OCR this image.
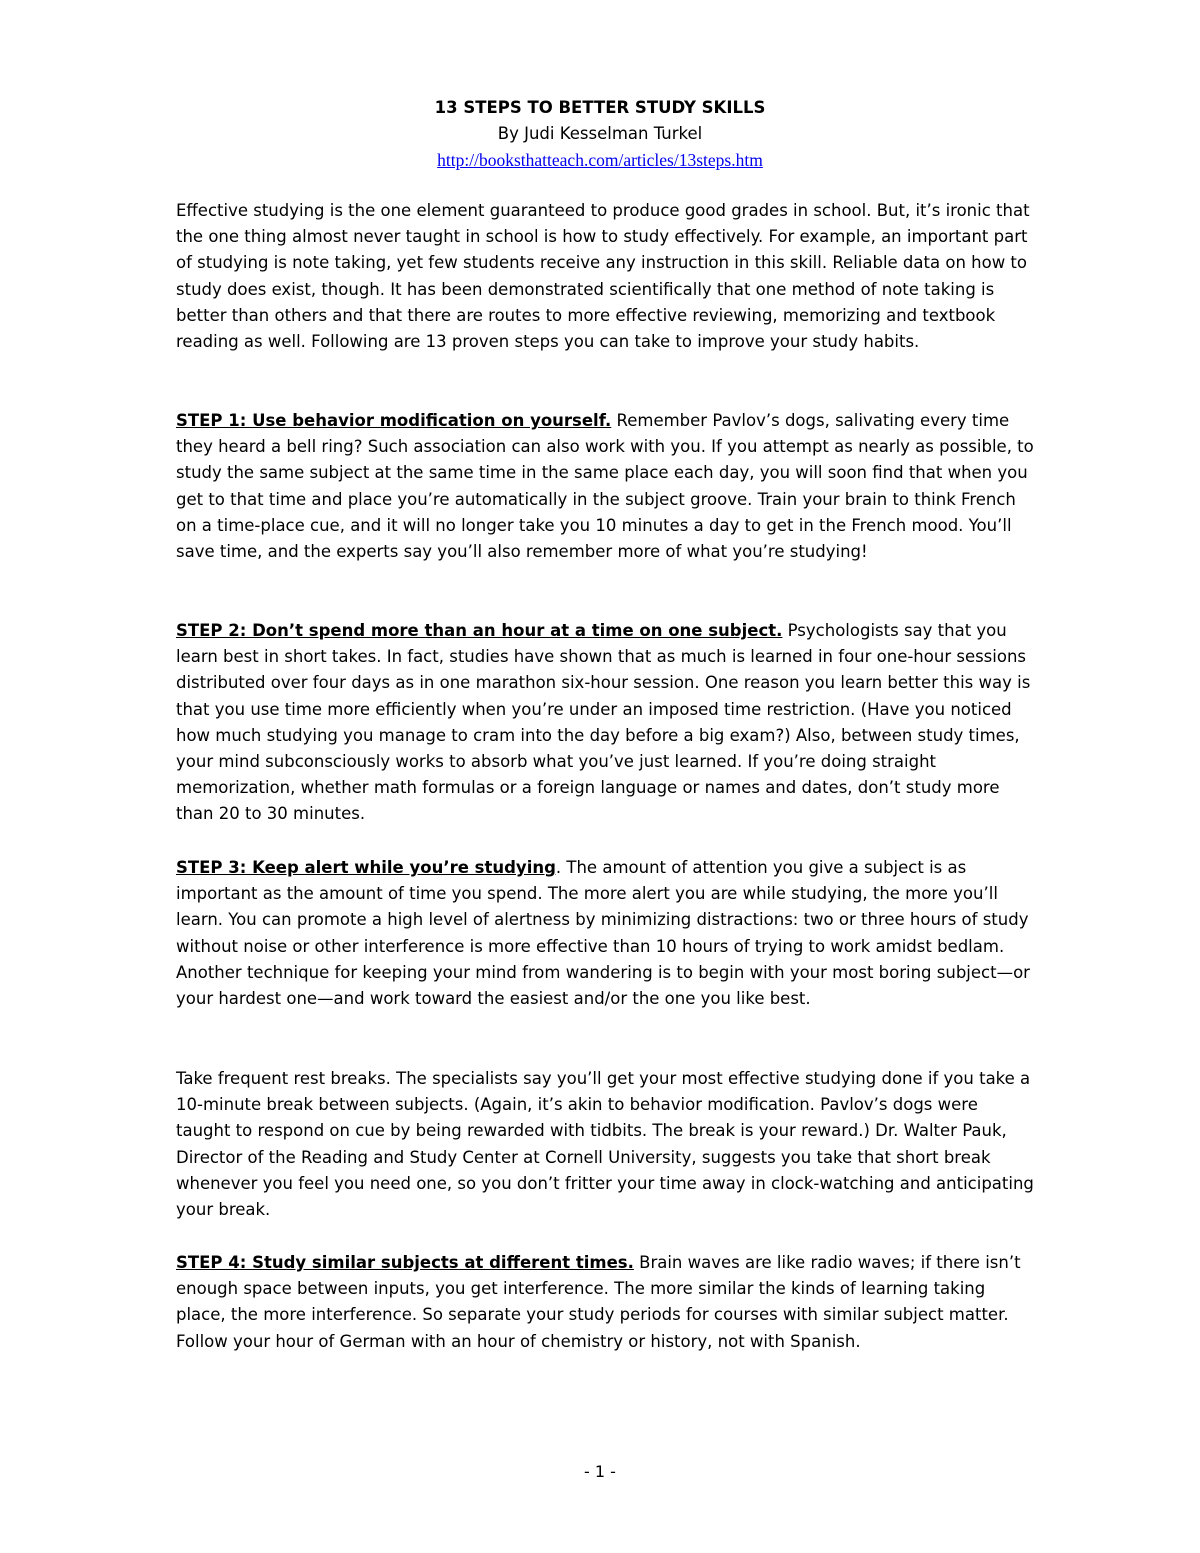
13 STEPS TO BETTER STUDY SKILLS
By Judi Kesselman Turkel
http://booksthatteach.com/articles/13steps.htm

Effective studying is the one element guaranteed to produce good grades in school. But, it’s ironic that the one thing almost never taught in school is how to study effectively. For example, an important part of studying is note taking, yet few students receive any instruction in this skill. Reliable data on how to study does exist, though. It has been demonstrated scientifically that one method of note taking is better than others and that there are routes to more effective reviewing, memorizing and textbook reading as well. Following are 13 proven steps you can take to improve your study habits.

STEP 1: Use behavior modification on yourself. Remember Pavlov’s dogs, salivating every time they heard a bell ring? Such association can also work with you. If you attempt as nearly as possible, to study the same subject at the same time in the same place each day, you will soon find that when you get to that time and place you’re automatically in the subject groove. Train your brain to think French on a time-place cue, and it will no longer take you 10 minutes a day to get in the French mood. You’ll save time, and the experts say you’ll also remember more of what you’re studying!

STEP 2: Don’t spend more than an hour at a time on one subject. Psychologists say that you learn best in short takes. In fact, studies have shown that as much is learned in four one-hour sessions distributed over four days as in one marathon six-hour session. One reason you learn better this way is that you use time more efficiently when you’re under an imposed time restriction. (Have you noticed how much studying you manage to cram into the day before a big exam?) Also, between study times, your mind subconsciously works to absorb what you’ve just learned. If you’re doing straight memorization, whether math formulas or a foreign language or names and dates, don’t study more than 20 to 30 minutes.

STEP 3: Keep alert while you’re studying. The amount of attention you give a subject is as important as the amount of time you spend. The more alert you are while studying, the more you’ll learn. You can promote a high level of alertness by minimizing distractions: two or three hours of study without noise or other interference is more effective than 10 hours of trying to work amidst bedlam. Another technique for keeping your mind from wandering is to begin with your most boring subject—or your hardest one—and work toward the easiest and/or the one you like best.

Take frequent rest breaks. The specialists say you’ll get your most effective studying done if you take a 10-minute break between subjects. (Again, it’s akin to behavior modification. Pavlov’s dogs were taught to respond on cue by being rewarded with tidbits. The break is your reward.) Dr. Walter Pauk, Director of the Reading and Study Center at Cornell University, suggests you take that short break whenever you feel you need one, so you don’t fritter your time away in clock-watching and anticipating your break.

STEP 4: Study similar subjects at different times. Brain waves are like radio waves; if there isn’t enough space between inputs, you get interference. The more similar the kinds of learning taking place, the more interference. So separate your study periods for courses with similar subject matter. Follow your hour of German with an hour of chemistry or history, not with Spanish.

- 1 -
